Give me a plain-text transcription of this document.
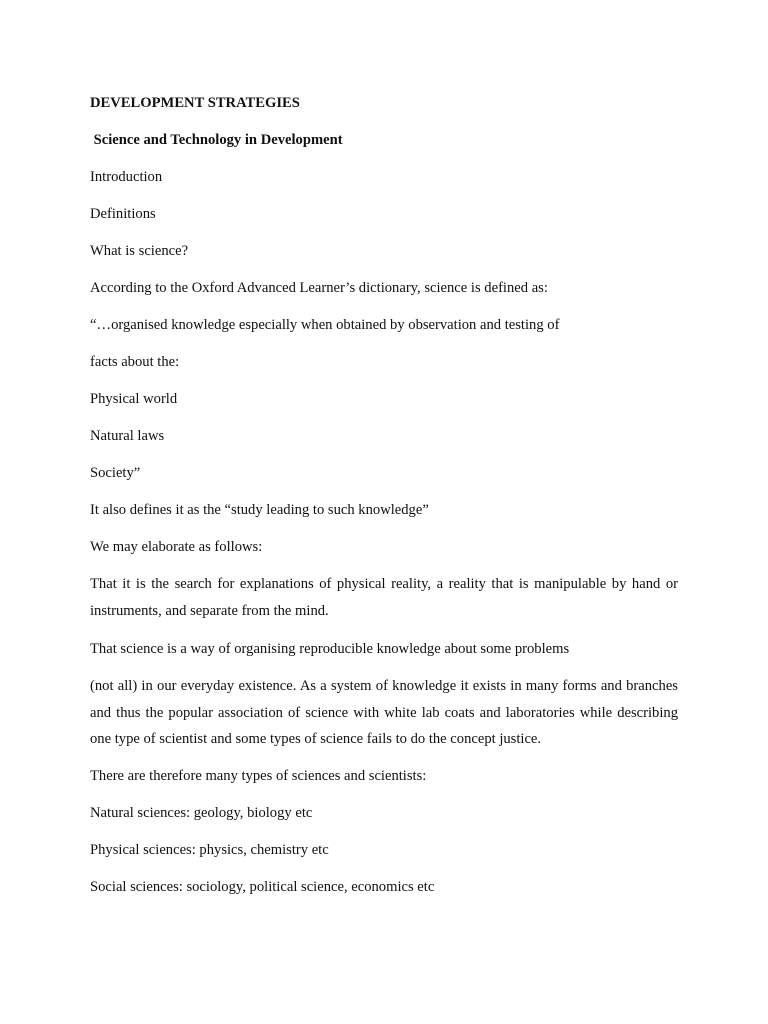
DEVELOPMENT STRATEGIES
Science and Technology in Development
Introduction
Definitions
What is science?
According to the Oxford Advanced Learner’s dictionary, science is defined as:
“…organised knowledge especially when obtained by observation and testing of
facts about the:
Physical world
Natural laws
Society”
It also defines it as the “study leading to such knowledge”
We may elaborate as follows:
That it is the search for explanations of physical reality, a reality that is manipulable by hand or instruments, and separate from the mind.
That science is a way of organising reproducible knowledge about some problems
(not all) in our everyday existence. As a system of knowledge it exists in many forms and branches and thus the popular association of science with white lab coats and laboratories while describing one type of scientist and some types of science fails to do the concept justice.
There are therefore many types of sciences and scientists:
Natural sciences: geology, biology etc
Physical sciences: physics, chemistry etc
Social sciences: sociology, political science, economics etc
